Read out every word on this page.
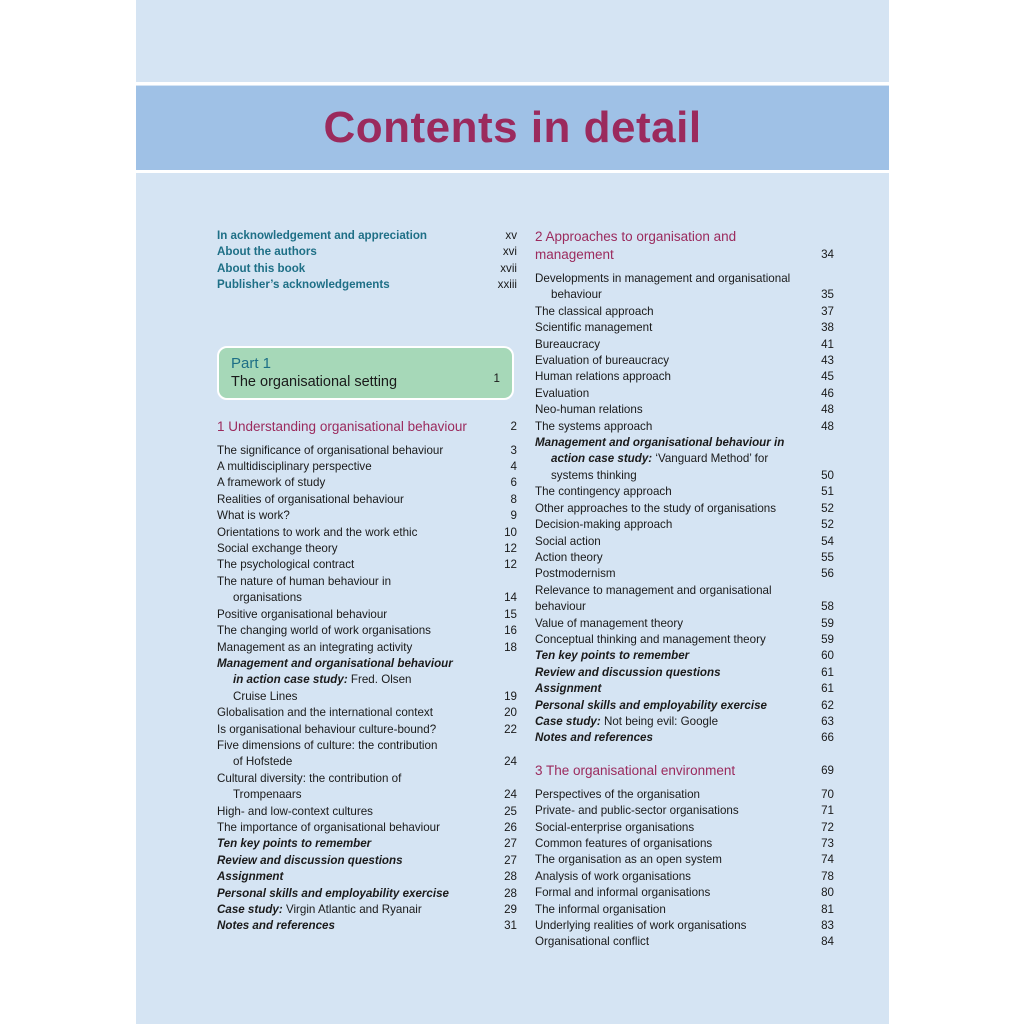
Contents in detail
In acknowledgement and appreciation	xv
About the authors	xvi
About this book	xvii
Publisher’s acknowledgements	xxiii
Part 1
The organisational setting	1
1 Understanding organisational behaviour	2
The significance of organisational behaviour	3
A multidisciplinary perspective	4
A framework of study	6
Realities of organisational behaviour	8
What is work?	9
Orientations to work and the work ethic	10
Social exchange theory	12
The psychological contract	12
The nature of human behaviour in
organisations	14
Positive organisational behaviour	15
The changing world of work organisations	16
Management as an integrating activity	18
Management and organisational behaviour
in action case study: Fred. Olsen
Cruise Lines	19
Globalisation and the international context	20
Is organisational behaviour culture-bound?	22
Five dimensions of culture: the contribution
of Hofstede	24
Cultural diversity: the contribution of
Trompenaars	24
High- and low-context cultures	25
The importance of organisational behaviour	26
Ten key points to remember	27
Review and discussion questions	27
Assignment	28
Personal skills and employability exercise	28
Case study: Virgin Atlantic and Ryanair	29
Notes and references	31
2 Approaches to organisation and
management	34
Developments in management and organisational
behaviour	35
The classical approach	37
Scientific management	38
Bureaucracy	41
Evaluation of bureaucracy	43
Human relations approach	45
Evaluation	46
Neo-human relations	48
The systems approach	48
Management and organisational behaviour in
action case study: ‘Vanguard Method’ for
systems thinking	50
The contingency approach	51
Other approaches to the study of organisations	52
Decision-making approach	52
Social action	54
Action theory	55
Postmodernism	56
Relevance to management and organisational behaviour	58
Value of management theory	59
Conceptual thinking and management theory	59
Ten key points to remember	60
Review and discussion questions	61
Assignment	61
Personal skills and employability exercise	62
Case study: Not being evil: Google	63
Notes and references	66
3 The organisational environment	69
Perspectives of the organisation	70
Private- and public-sector organisations	71
Social-enterprise organisations	72
Common features of organisations	73
The organisation as an open system	74
Analysis of work organisations	78
Formal and informal organisations	80
The informal organisation	81
Underlying realities of work organisations	83
Organisational conflict	84
